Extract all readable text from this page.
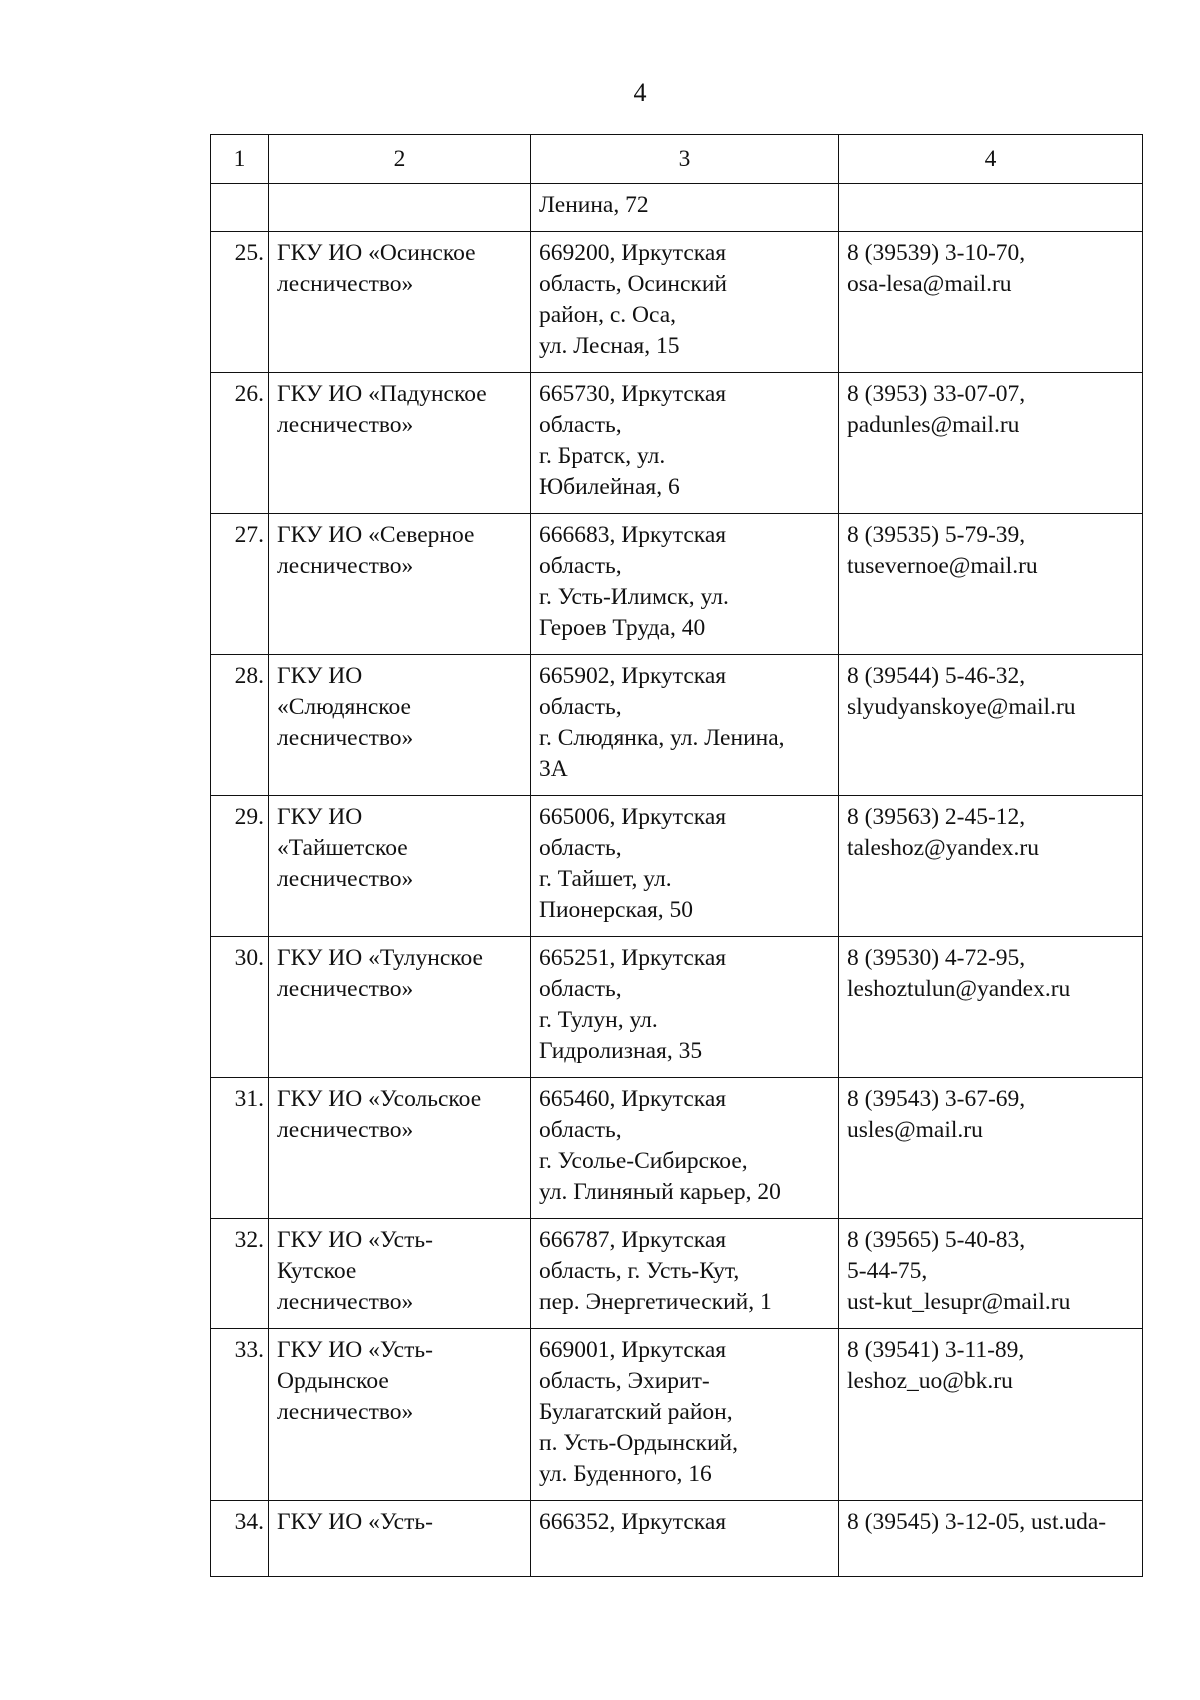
4
1	2	3	4

		Ленина, 72	

25.	ГКУ ИО «Осинское
лесничество»	669200, Иркутская
область, Осинский
район, с. Оса,
ул. Лесная, 15	8 (39539) 3-10-70,
osa-lesa@mail.ru

26.	ГКУ ИО «Падунское
лесничество»	665730, Иркутская
область,
г. Братск, ул.
Юбилейная, 6	8 (3953) 33-07-07,
padunles@mail.ru

27.	ГКУ ИО «Северное
лесничество»	666683, Иркутская
область,
г. Усть-Илимск, ул.
Героев Труда, 40	8 (39535) 5-79-39,
tusevernoe@mail.ru

28.	ГКУ ИО
«Слюдянское
лесничество»	665902, Иркутская
область,
г. Слюдянка, ул. Ленина,
3А	8 (39544) 5-46-32,
slyudyanskoye@mail.ru

29.	ГКУ ИО
«Тайшетское
лесничество»	665006, Иркутская
область,
г. Тайшет, ул.
Пионерская, 50	8 (39563) 2-45-12,
taleshoz@yandex.ru

30.	ГКУ ИО «Тулунское
лесничество»	665251, Иркутская
область,
г. Тулун, ул.
Гидролизная, 35	8 (39530) 4-72-95,
leshoztulun@yandex.ru

31.	ГКУ ИО «Усольское
лесничество»	665460, Иркутская
область,
г. Усолье-Сибирское,
ул. Глиняный карьер, 20	8 (39543) 3-67-69,
usles@mail.ru

32.	ГКУ ИО «Усть-
Кутское
лесничество»	666787, Иркутская
область, г. Усть-Кут,
пер. Энергетический, 1	8 (39565) 5-40-83,
5-44-75,
ust-kut_lesupr@mail.ru

33.	ГКУ ИО «Усть-
Ордынское
лесничество»	669001, Иркутская
область, Эхирит-
Булагатский район,
п. Усть-Ордынский,
ул. Буденного, 16	8 (39541) 3-11-89,
leshoz_uo@bk.ru

34.	ГКУ ИО «Усть-	666352, Иркутская	8 (39545) 3-12-05, ust.uda-
